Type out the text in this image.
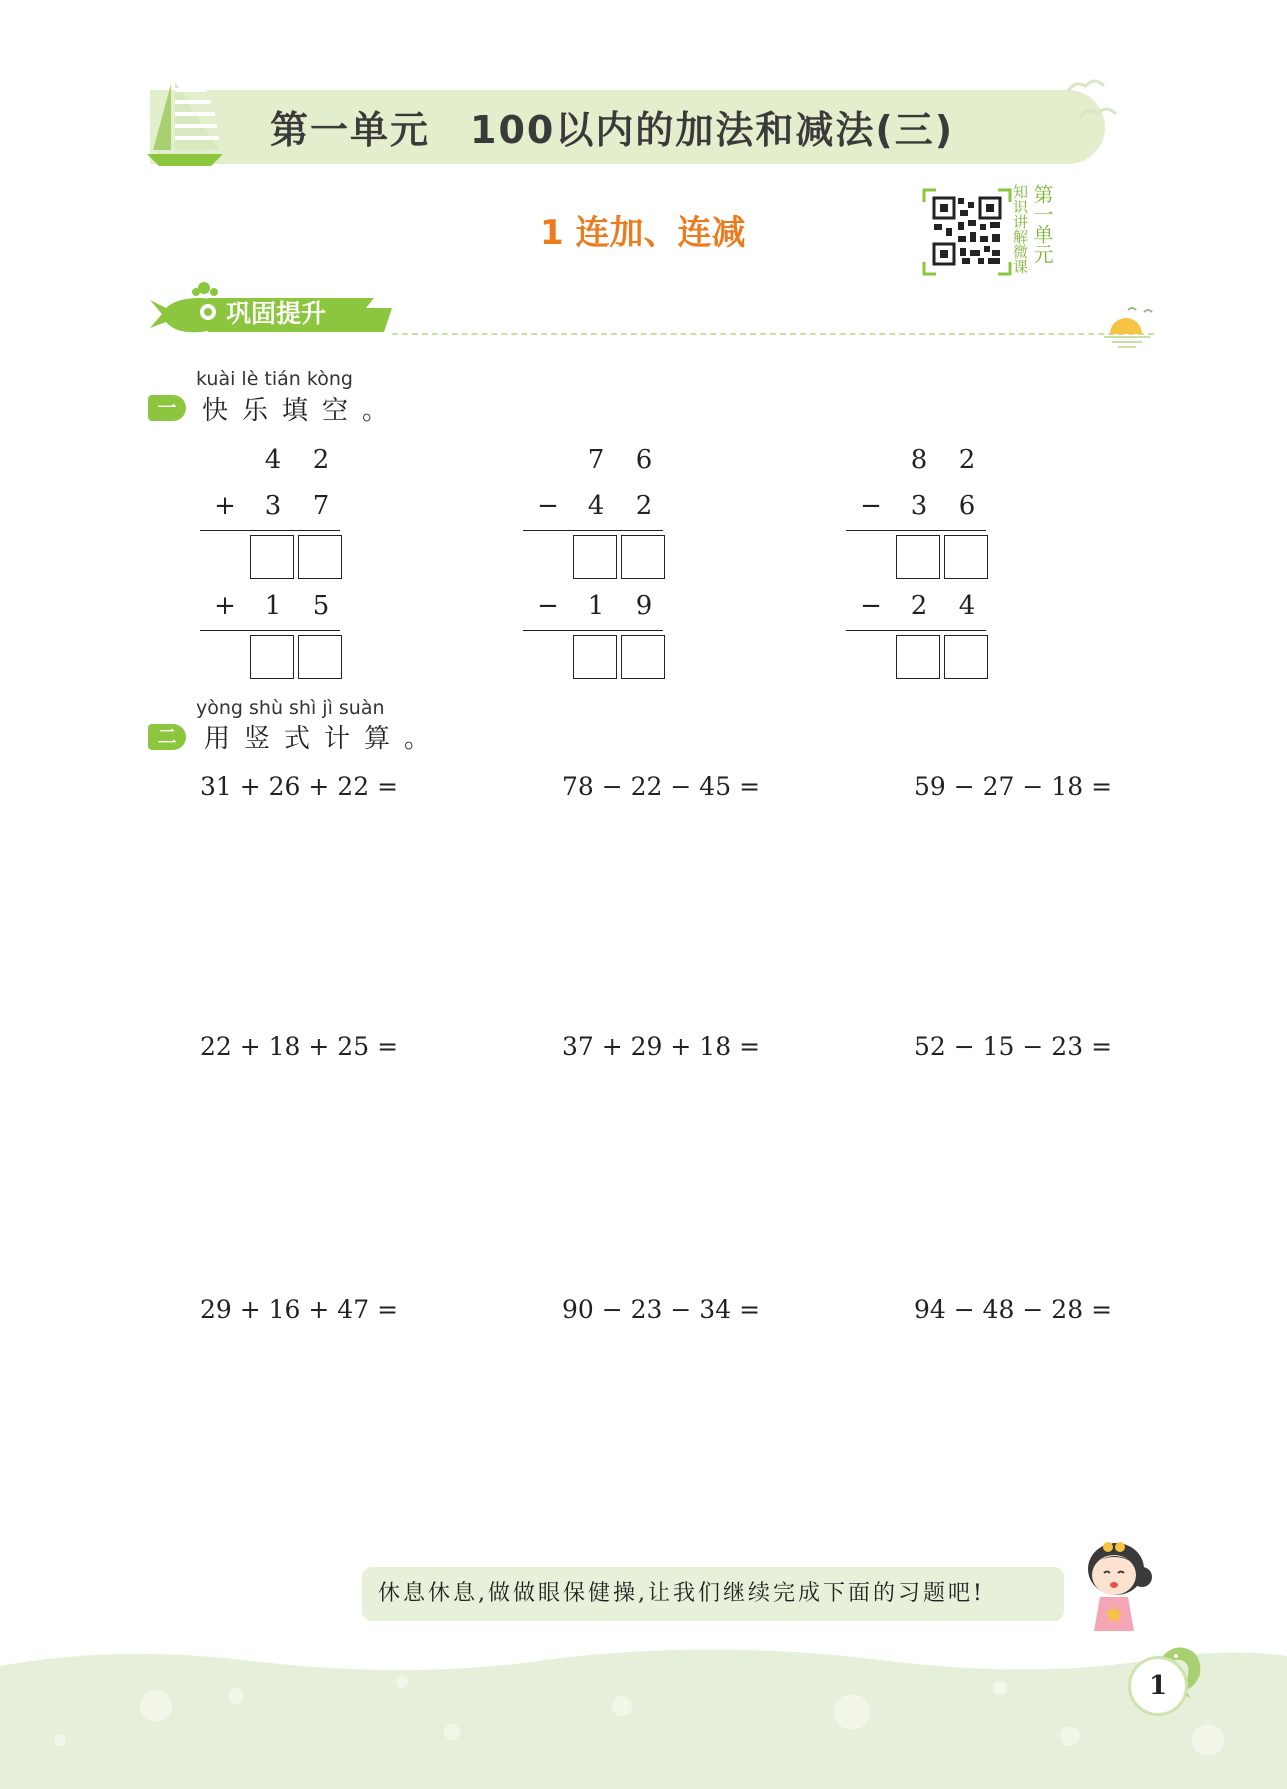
第一单元 100以内的加法和减法(三)
1 连加、连减	知识讲解微课 第一单元
巩固提升
kuài lè tián kòng
一 快乐填空。
4 2
+ 3 7
+ 1 5
7 6
− 4 2
− 1 9
8 2
− 3 6
− 2 4
yòng shù shì jì suàn
二	用竖式计算。
31 + 26 + 22 =	78 − 22 − 45 =	59 − 27 − 18 =
22 + 18 + 25 =	37 + 29 + 18 =	52 − 15 − 23 =
29 + 16 + 47 =	90 − 23 − 34 =	94 − 48 − 28 =
休息休息,做做眼保健操,让我们继续完成下面的习题吧!
1
